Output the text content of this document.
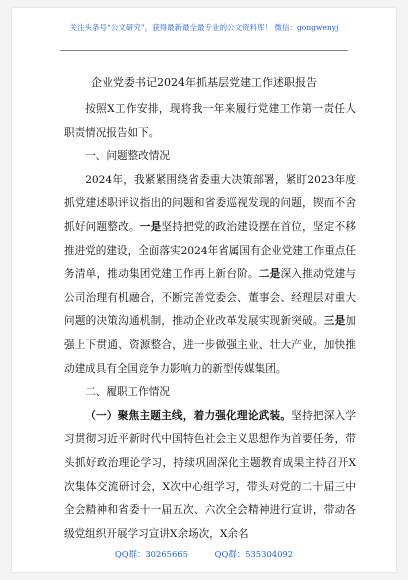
关注头条号“公文研究”，获得最新最全最专业的公文资料库！ 微信：gongwenyj
企业党委书记2024年抓基层党建工作述职报告

按照X工作安排，现将我一年来履行党建工作第一责任人职责情况报告如下。

一、问题整改情况

2024年，我紧紧围绕省委重大决策部署，紧盯2023年度抓党建述职评议指出的问题和省委巡视发现的问题，锲而不舍抓好问题整改。一是坚持把党的政治建设摆在首位，坚定不移推进党的建设，全面落实2024年省属国有企业党建工作重点任务清单，推动集团党建工作再上新台阶。二是深入推动党建与公司治理有机融合，不断完善党委会、董事会、经理层对重大问题的决策沟通机制，推动企业改革发展实现新突破。三是加强上下贯通、资源整合，进一步做强主业、壮大产业，加快推动建成具有全国竞争力影响力的新型传媒集团。

二、履职工作情况

（一）聚焦主题主线，着力强化理论武装。坚持把深入学习贯彻习近平新时代中国特色社会主义思想作为首要任务，带头抓好政治理论学习，持续巩固深化主题教育成果主持召开X次集体交流研讨会，X次中心组学习，带头对党的二十届三中全会精神和省委十一届五次、六次全会精神进行宣讲，带动各级党组织开展学习宣讲X余场次，X余名

QQ群：30265665	QQ群：535304092
